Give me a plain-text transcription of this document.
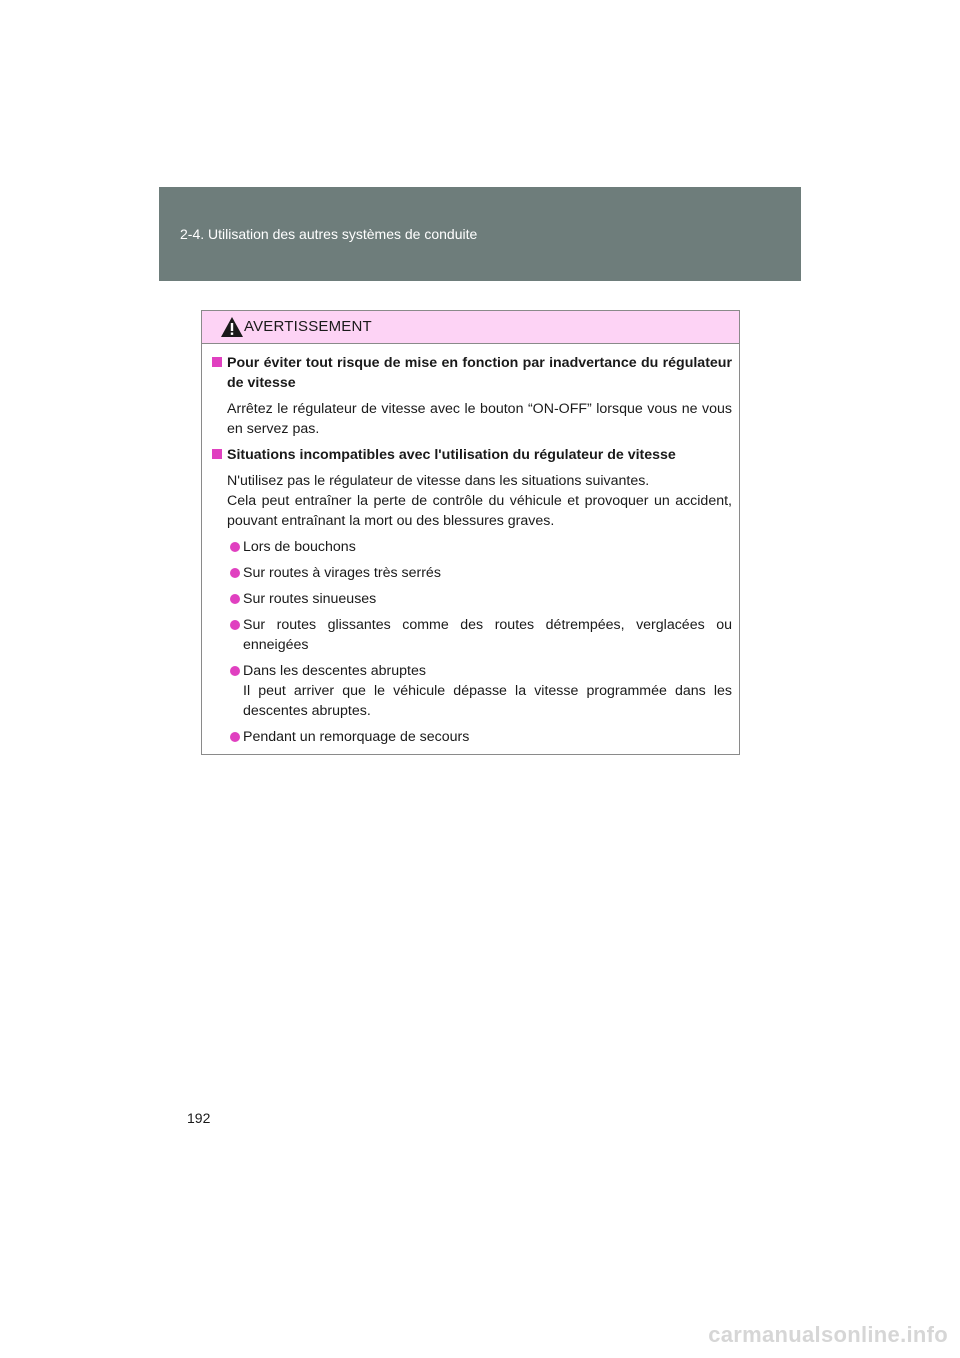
2-4. Utilisation des autres systèmes de conduite
AVERTISSEMENT
Pour éviter tout risque de mise en fonction par inadvertance du régulateur de vitesse
Arrêtez le régulateur de vitesse avec le bouton “ON-OFF” lorsque vous ne vous en servez pas.
Situations incompatibles avec l'utilisation du régulateur de vitesse
N'utilisez pas le régulateur de vitesse dans les situations suivantes.
Cela peut entraîner la perte de contrôle du véhicule et provoquer un accident, pouvant entraînant la mort ou des blessures graves.
Lors de bouchons
Sur routes à virages très serrés
Sur routes sinueuses
Sur routes glissantes comme des routes détrempées, verglacées ou enneigées
Dans les descentes abruptes
Il peut arriver que le véhicule dépasse la vitesse programmée dans les descentes abruptes.
Pendant un remorquage de secours
192
carmanualsonline.info
